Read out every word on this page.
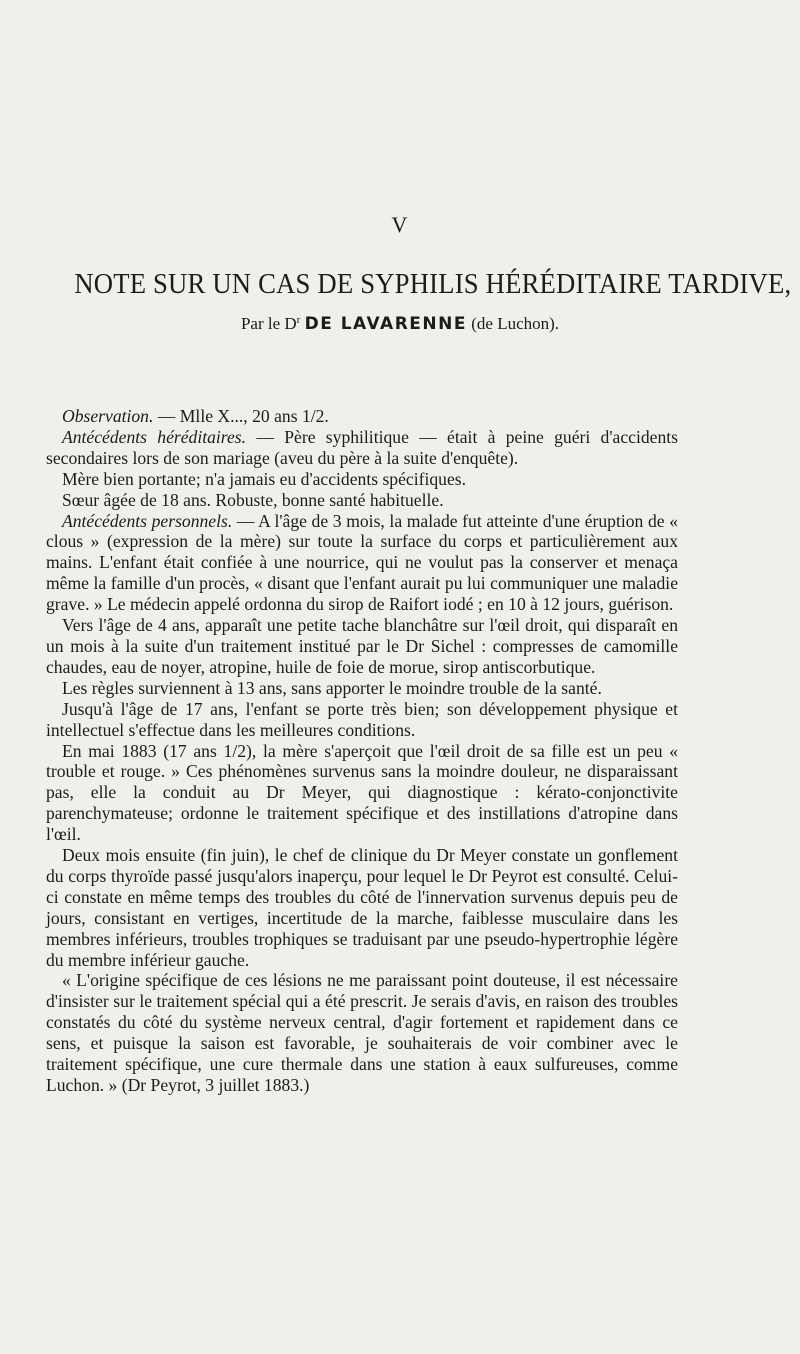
V
NOTE SUR UN CAS DE SYPHILIS HÉRÉDITAIRE TARDIVE,
Par le $D^r$ DE LAVARENNE (de Luchon).

Observation. — Mlle X..., 20 ans 1/2.

Antécédents héréditaires. — Père syphilitique — était à peine guéri d'accidents secondaires lors de son mariage (aveu du père à la suite d'enquête).

Mère bien portante; n'a jamais eu d'accidents spécifiques.

Sœur âgée de 18 ans. Robuste, bonne santé habituelle.

Antécédents personnels. — A l'âge de 3 mois, la malade fut atteinte d'une éruption de « clous » (expression de la mère) sur toute la surface du corps et particulièrement aux mains. L'enfant était confiée à une nourrice, qui ne voulut pas la conserver et menaça même la famille d'un procès, « disant que l'enfant aurait pu lui communiquer une maladie grave. » Le médecin appelé ordonna du sirop de Raifort iodé ; en 10 à 12 jours, guérison.

Vers l'âge de 4 ans, apparaît une petite tache blanchâtre sur l'œil droit, qui disparaît en un mois à la suite d'un traitement institué par le Dr Sichel : compresses de camomille chaudes, eau de noyer, atropine, huile de foie de morue, sirop antiscorbutique.

Les règles surviennent à 13 ans, sans apporter le moindre trouble de la santé.

Jusqu'à l'âge de 17 ans, l'enfant se porte très bien; son développement physique et intellectuel s'effectue dans les meilleures conditions.

En mai 1883 (17 ans 1/2), la mère s'aperçoit que l'œil droit de sa fille est un peu « trouble et rouge. » Ces phénomènes survenus sans la moindre douleur, ne disparaissant pas, elle la conduit au Dr Meyer, qui diagnostique : kérato-conjonctivite parenchymateuse; ordonne le traitement spécifique et des instillations d'atropine dans l'œil.

Deux mois ensuite (fin juin), le chef de clinique du Dr Meyer constate un gonflement du corps thyroïde passé jusqu'alors inaperçu, pour lequel le Dr Peyrot est consulté. Celui-ci constate en même temps des troubles du côté de l'innervation survenus depuis peu de jours, consistant en vertiges, incertitude de la marche, faiblesse musculaire dans les membres inférieurs, troubles trophiques se traduisant par une pseudo-hypertrophie légère du membre inférieur gauche.

« L'origine spécifique de ces lésions ne me paraissant point douteuse, il est nécessaire d'insister sur le traitement spécial qui a été prescrit. Je serais d'avis, en raison des troubles constatés du côté du système nerveux central, d'agir fortement et rapidement dans ce sens, et puisque la saison est favorable, je souhaiterais de voir combiner avec le traitement spécifique, une cure thermale dans une station à eaux sulfureuses, comme Luchon. » (Dr Peyrot, 3 juillet 1883.)
